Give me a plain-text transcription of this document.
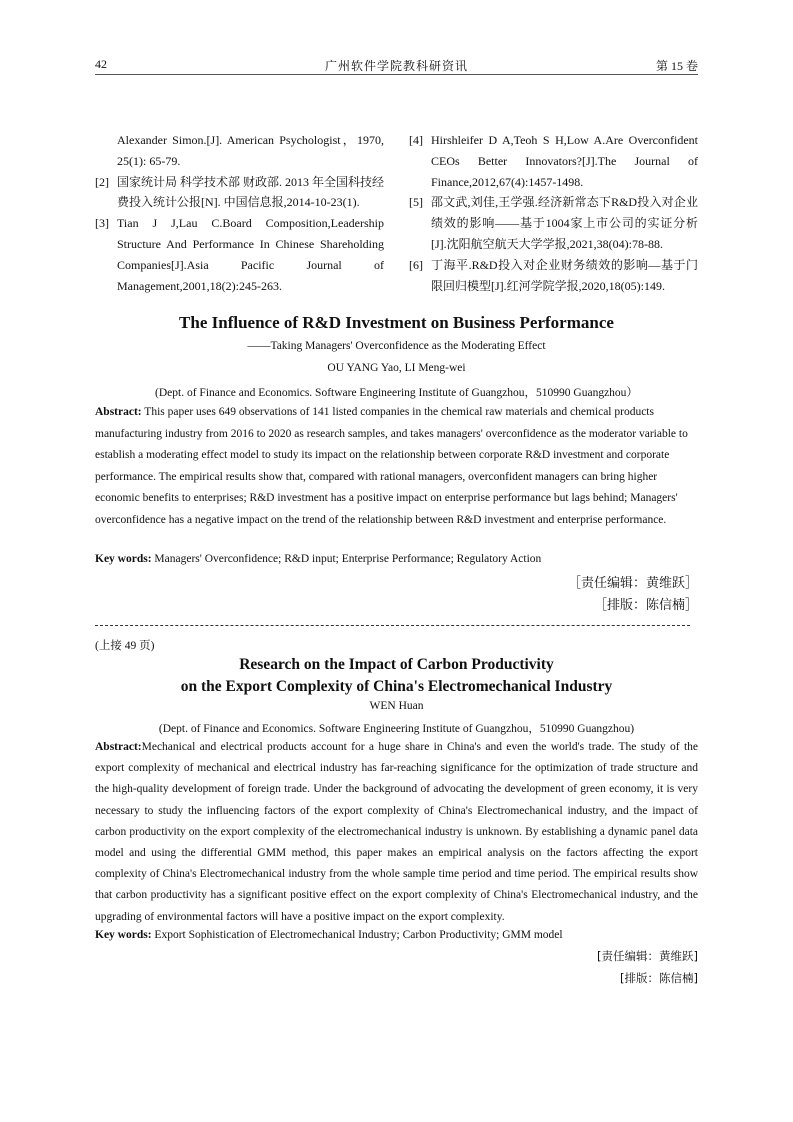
42	广州软件学院教科研资讯	第 15 卷
Alexander Simon.[J]. American Psychologist，1970, 25(1): 65-79.
[2] 国家统计局 科学技术部 财政部. 2013 年全国科技经费投入统计公报[N]. 中国信息报,2014-10-23(1).
[3] Tian J J,Lau C.Board Composition,Leadership Structure And Performance In Chinese Shareholding Companies[J].Asia Pacific Journal of Management,2001,18(2):245-263.
[4] Hirshleifer D A,Teoh S H,Low A.Are Overconfident CEOs Better Innovators?[J].The Journal of Finance,2012,67(4):1457-1498.
[5] 邵文武,刘佳,王学强.经济新常态下R&D投入对企业绩效的影响——基于1004家上市公司的实证分析[J].沈阳航空航天大学学报,2021,38(04):78-88.
[6] 丁海平.R&D投入对企业财务绩效的影响—基于门限回归模型[J].红河学院学报,2020,18(05):149.
The Influence of R&D Investment on Business Performance
——Taking Managers' Overconfidence as the Moderating Effect
OU YANG Yao, LI Meng-wei
(Dept. of Finance and Economics. Software Engineering Institute of Guangzhou，510990 Guangzhou）
Abstract: This paper uses 649 observations of 141 listed companies in the chemical raw materials and chemical products manufacturing industry from 2016 to 2020 as research samples, and takes managers' overconfidence as the moderator variable to establish a moderating effect model to study its impact on the relationship between corporate R&D investment and corporate performance. The empirical results show that, compared with rational managers, overconfident managers can bring higher economic benefits to enterprises; R&D investment has a positive impact on enterprise performance but lags behind; Managers' overconfidence has a negative impact on the trend of the relationship between R&D investment and enterprise performance.
Key words: Managers' Overconfidence; R&D input; Enterprise Performance; Regulatory Action
［责任编辑：黄维跃］
［排版：陈信楠］
(上接 49 页)
Research on the Impact of Carbon Productivity
on the Export Complexity of China's Electromechanical Industry
WEN Huan
(Dept. of Finance and Economics. Software Engineering Institute of Guangzhou，510990 Guangzhou)
Abstract:Mechanical and electrical products account for a huge share in China's and even the world's trade. The study of the export complexity of mechanical and electrical industry has far-reaching significance for the optimization of trade structure and the high-quality development of foreign trade. Under the background of advocating the development of green economy, it is very necessary to study the influencing factors of the export complexity of China's Electromechanical industry, and the impact of carbon productivity on the export complexity of the electromechanical industry is unknown. By establishing a dynamic panel data model and using the differential GMM method, this paper makes an empirical analysis on the factors affecting the export complexity of China's Electromechanical industry from the whole sample time period and time period. The empirical results show that carbon productivity has a significant positive effect on the export complexity of China's Electromechanical industry, and the upgrading of environmental factors will have a positive impact on the export complexity.
Key words: Export Sophistication of Electromechanical Industry; Carbon Productivity; GMM model
[责任编辑：黄维跃]
[排版：陈信楠]
